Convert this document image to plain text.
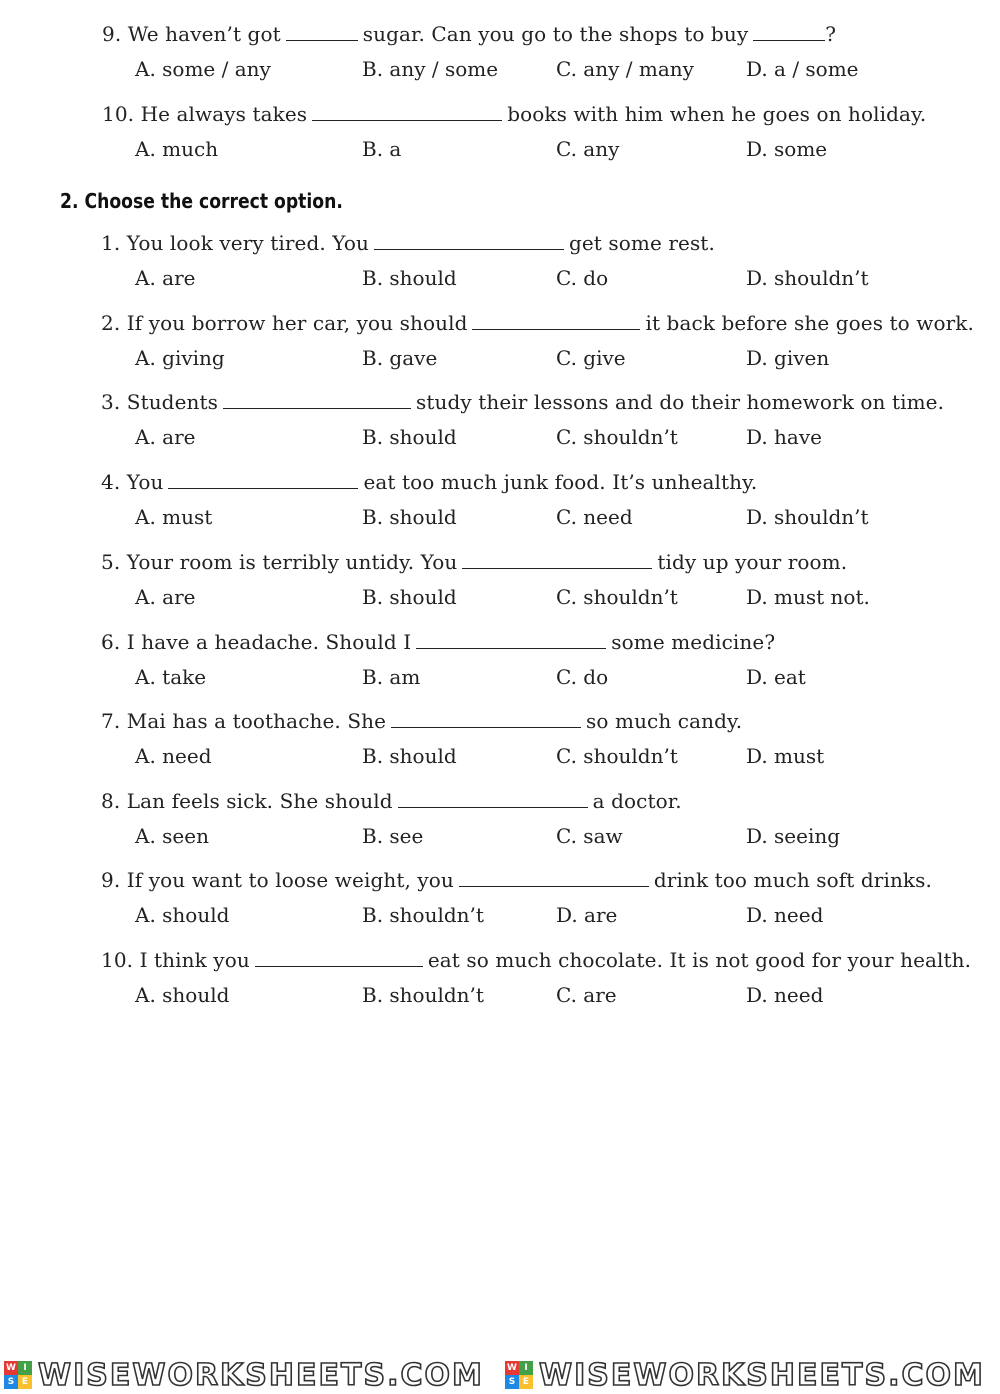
9. We haven’t got	sugar. Can you go to the shops to buy	?
A. some / any	B. any / some	C. any / many	D. a / some
10. He always takes	books with him when he goes on holiday.
A. much	B. a	C. any	D. some
2. Choose the correct option.
1. You look very tired. You	get some rest.
A. are	B. should	C. do	D. shouldn’t
2. If you borrow her car, you should	it back before she goes to work.
A. giving	B. gave	C. give	D. given
3. Students	study their lessons and do their homework on time.
A. are	B. should	C. shouldn’t	D. have
4. You	eat too much junk food. It’s unhealthy.
A. must	B. should	C. need	D. shouldn’t
5. Your room is terribly untidy. You	tidy up your room.
A. are	B. should	C. shouldn’t	D. must not.
6. I have a headache. Should I	some medicine?
A. take	B. am	C. do	D. eat
7. Mai has a toothache. She	so much candy.
A. need	B. should	C. shouldn’t	D. must
8. Lan feels sick. She should	a doctor.
A. seen	B. see	C. saw	D. seeing
9. If you want to loose weight, you	drink too much soft drinks.
A. should	B. shouldn’t	D. are	D. need
10. I think you	eat so much chocolate. It is not good for your health.
A. should	B. shouldn’t	C. are	D. need
W I
S E WISEWORKSHEETS.COM	W I
S E WISEWORKSHEETS.COM
